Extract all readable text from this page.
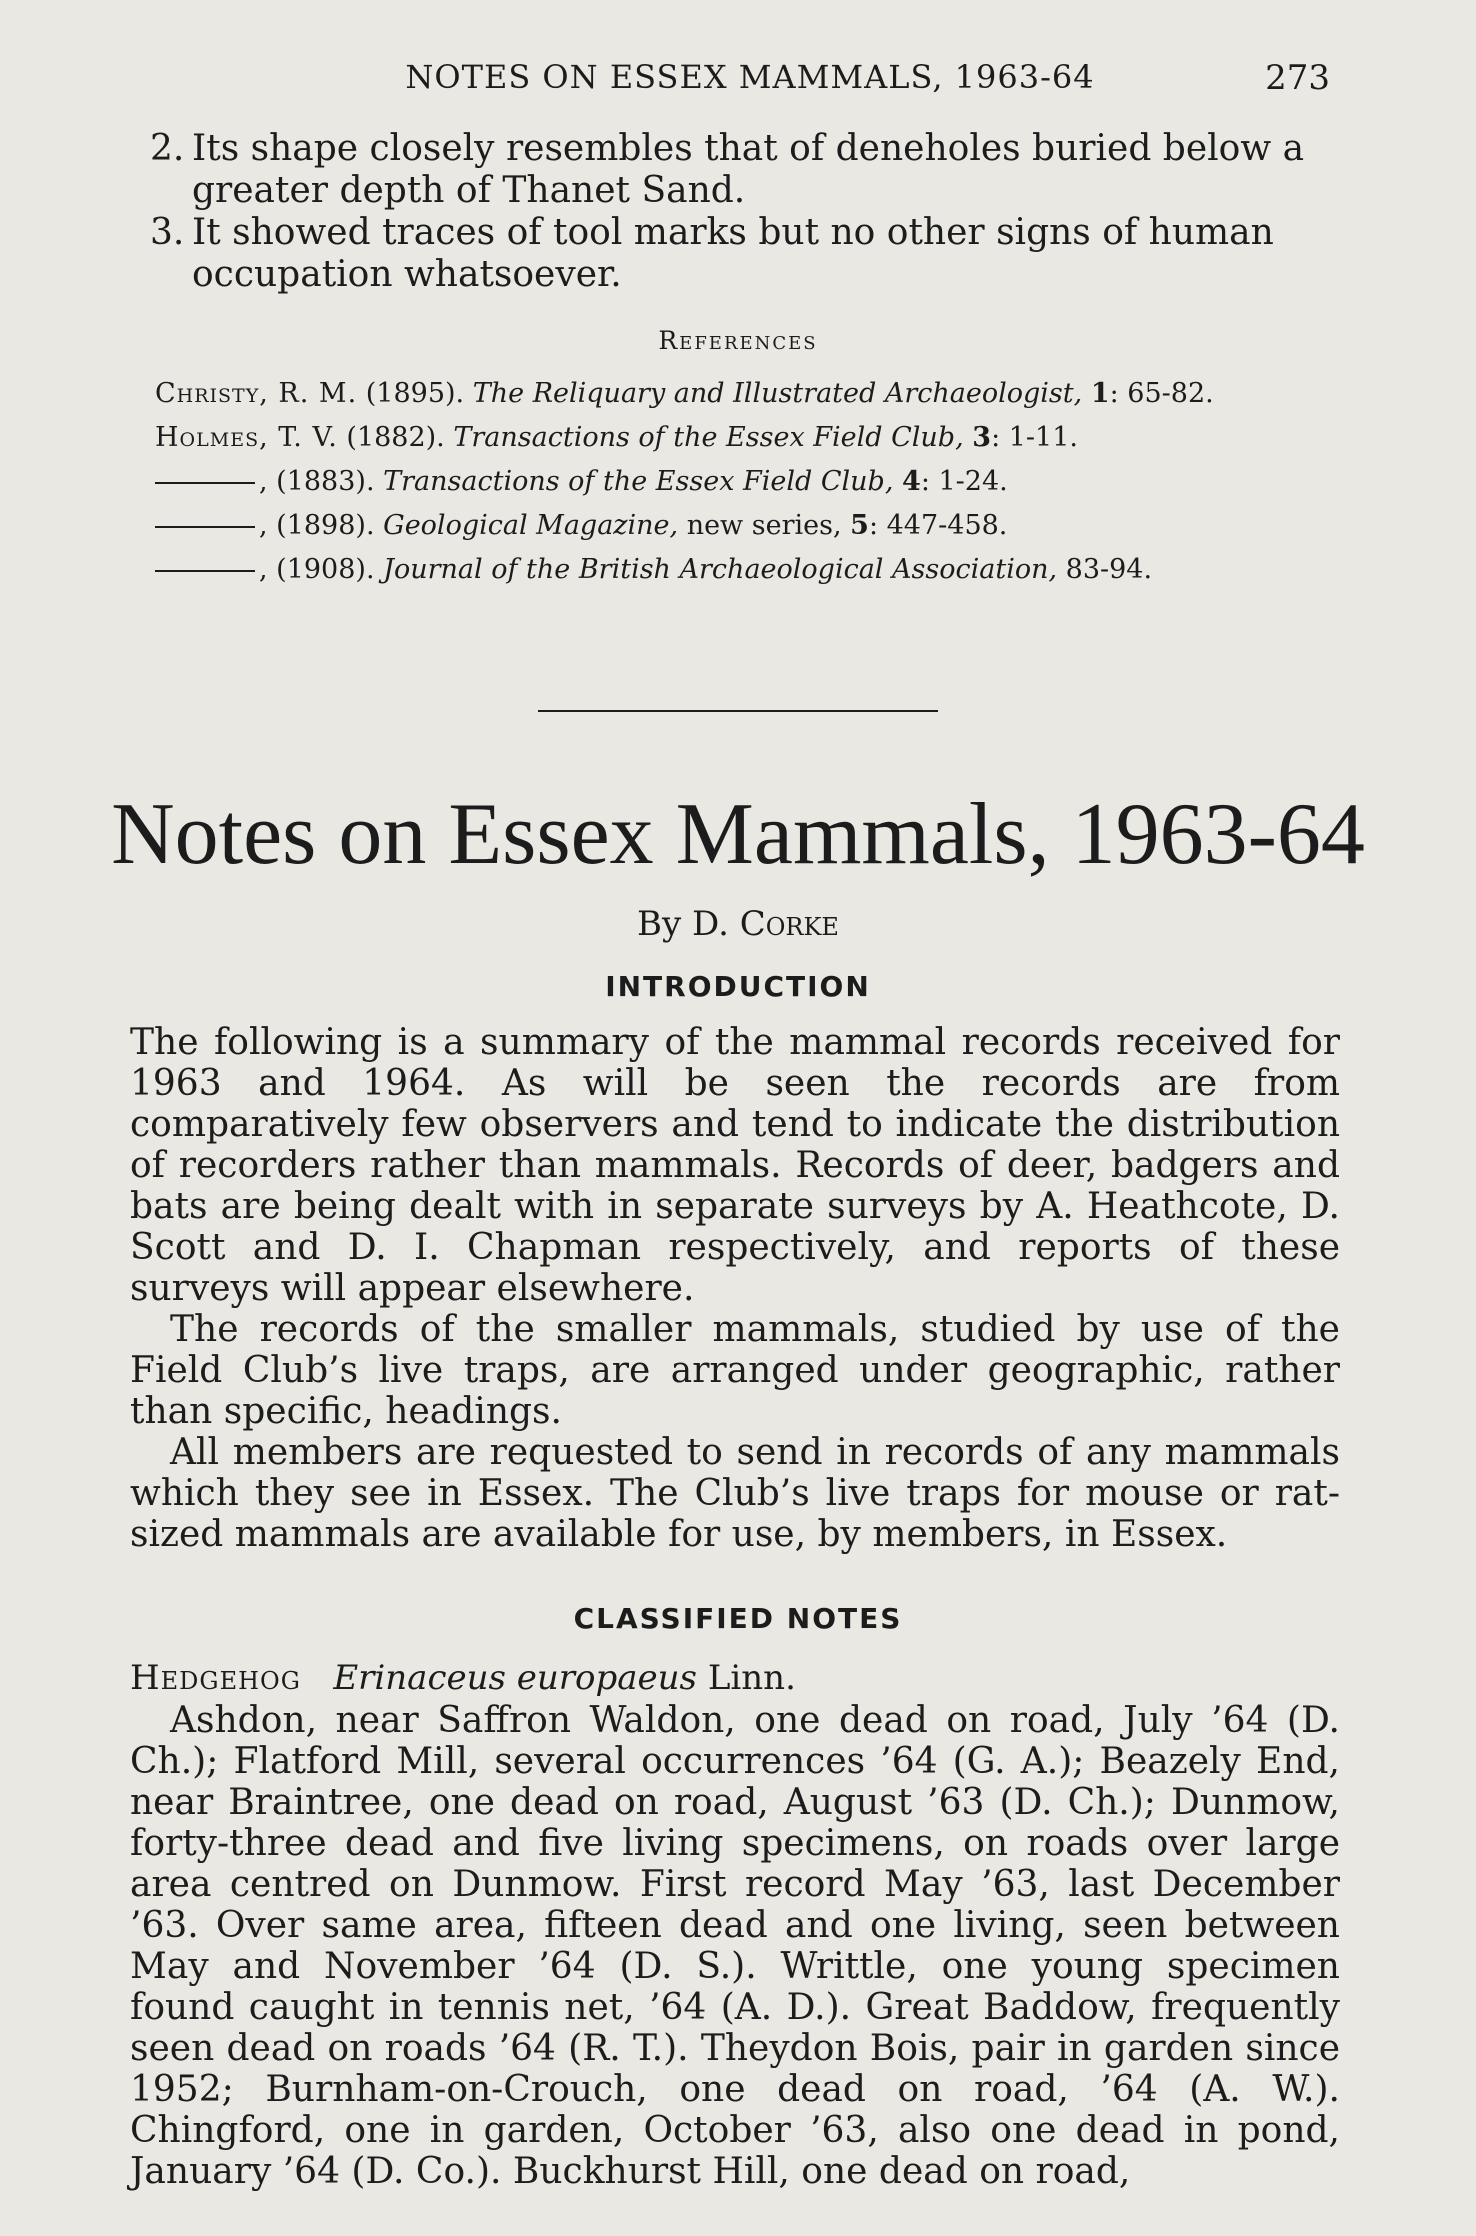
NOTES ON ESSEX MAMMALS, 1963-64	273
2. Its shape closely resembles that of deneholes buried below a greater depth of Thanet Sand.
3. It showed traces of tool marks but no other signs of human occupation whatsoever.
References
Christy, R. M. (1895). The Reliquary and Illustrated Archaeologist, 1: 65-82.
Holmes, T. V. (1882). Transactions of the Essex Field Club, 3: 1-11.
, (1883). Transactions of the Essex Field Club, 4: 1-24.
, (1898). Geological Magazine, new series, 5: 447-458.
, (1908). Journal of the British Archaeological Association, 83-94.
Notes on Essex Mammals, 1963-64
By D. Corke
INTRODUCTION

The following is a summary of the mammal records received for 1963 and 1964. As will be seen the records are from comparatively few observers and tend to indicate the distribution of recorders rather than mammals. Records of deer, badgers and bats are being dealt with in separate surveys by A. Heathcote, D. Scott and D. I. Chapman respectively, and reports of these surveys will appear elsewhere.

The records of the smaller mammals, studied by use of the Field Club’s live traps, are arranged under geographic, rather than specific, headings.

All members are requested to send in records of any mammals which they see in Essex. The Club’s live traps for mouse or rat-sized mammals are available for use, by members, in Essex.

CLASSIFIED NOTES
Hedgehog Erinaceus europaeus Linn.

Ashdon, near Saffron Waldon, one dead on road, July ’64 (D. Ch.); Flatford Mill, several occurrences ’64 (G. A.); Beazely End, near Braintree, one dead on road, August ’63 (D. Ch.); Dunmow, forty-three dead and five living specimens, on roads over large area centred on Dunmow. First record May ’63, last December ’63. Over same area, fifteen dead and one living, seen between May and November ’64 (D. S.). Writtle, one young specimen found caught in tennis net, ’64 (A. D.). Great Baddow, frequently seen dead on roads ’64 (R. T.). Theydon Bois, pair in garden since 1952; Burnham-on-Crouch, one dead on road, ’64 (A. W.). Chingford, one in garden, October ’63, also one dead in pond, January ’64 (D. Co.). Buckhurst Hill, one dead on road,
